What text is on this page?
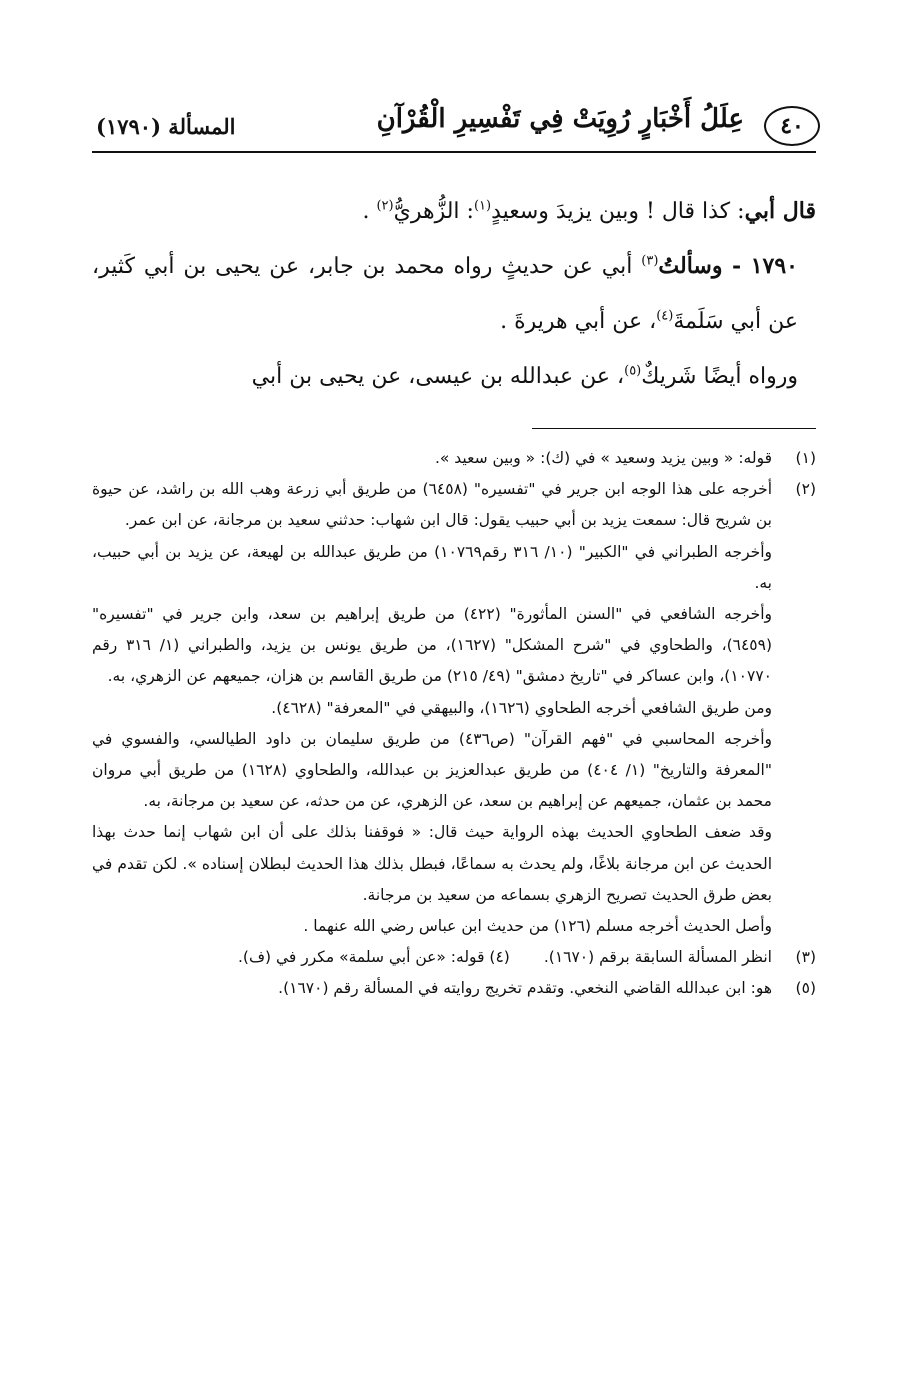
٤٠
عِلَلُ أَخْبَارٍ رُوِيَتْ فِي تَفْسِيرِ الْقُرْآنِ
المسألة (١٧٩٠)

قال أبي: كذا قال ! وبين يزيدَ وسعيدٍ$^{(١)}$: الزُّهريُّ$^{(٢)}$ .

١٧٩٠ - وسألتُ$^{(٣)}$ أبي عن حديثٍ رواه محمد بن جابر، عن يحيى بن أبي كَثير، عن أبي سَلَمةَ$^{(٤)}$، عن أبي هريرةَ .

ورواه أيضًا شَريكٌ$^{(٥)}$، عن عبدالله بن عيسى، عن يحيى بن أبي

(١)

قوله: « وبين يزيد وسعيد » في (ك): « وبين سعيد ».

(٢)

أخرجه على هذا الوجه ابن جرير في "تفسيره" (٦٤٥٨) من طريق أبي زرعة وهب الله بن راشد، عن حيوة بن شريح قال: سمعت يزيد بن أبي حبيب يقول: قال ابن شهاب: حدثني سعيد بن مرجانة، عن ابن عمر.

وأخرجه الطبراني في "الكبير" (١٠/ ٣١٦ رقم١٠٧٦٩) من طريق عبدالله بن لهيعة، عن يزيد بن أبي حبيب، به.

وأخرجه الشافعي في "السنن المأثورة" (٤٢٢) من طريق إبراهيم بن سعد، وابن جرير في "تفسيره" (٦٤٥٩)، والطحاوي في "شرح المشكل" (١٦٢٧)، من طريق يونس بن يزيد، والطبراني (١/ ٣١٦ رقم ١٠٧٧٠)، وابن عساكر في "تاريخ دمشق" (٤٩/ ٢١٥) من طريق القاسم بن هزان، جميعهم عن الزهري، به.

ومن طريق الشافعي أخرجه الطحاوي (١٦٢٦)، والبيهقي في "المعرفة" (٤٦٢٨).

وأخرجه المحاسبي في "فهم القرآن" (ص٤٣٦) من طريق سليمان بن داود الطيالسي، والفسوي في "المعرفة والتاريخ" (١/ ٤٠٤) من طريق عبدالعزيز بن عبدالله، والطحاوي (١٦٢٨) من طريق أبي مروان محمد بن عثمان، جميعهم عن إبراهيم بن سعد، عن الزهري، عن من حدثه، عن سعيد بن مرجانة، به.

وقد ضعف الطحاوي الحديث بهذه الرواية حيث قال: « فوقفنا بذلك على أن ابن شهاب إنما حدث بهذا الحديث عن ابن مرجانة بلاغًا، ولم يحدث به سماعًا، فبطل بذلك هذا الحديث لبطلان إسناده ». لكن تقدم في بعض طرق الحديث تصريح الزهري بسماعه من سعيد بن مرجانة.

وأصل الحديث أخرجه مسلم (١٢٦) من حديث ابن عباس رضي الله عنهما .

(٣)
انظر المسألة السابقة برقم (١٦٧٠).
(٤) قوله: «عن أبي سلمة» مكرر في (ف).
(٥)

هو: ابن عبدالله القاضي النخعي. وتقدم تخريج روايته في المسألة رقم (١٦٧٠).
